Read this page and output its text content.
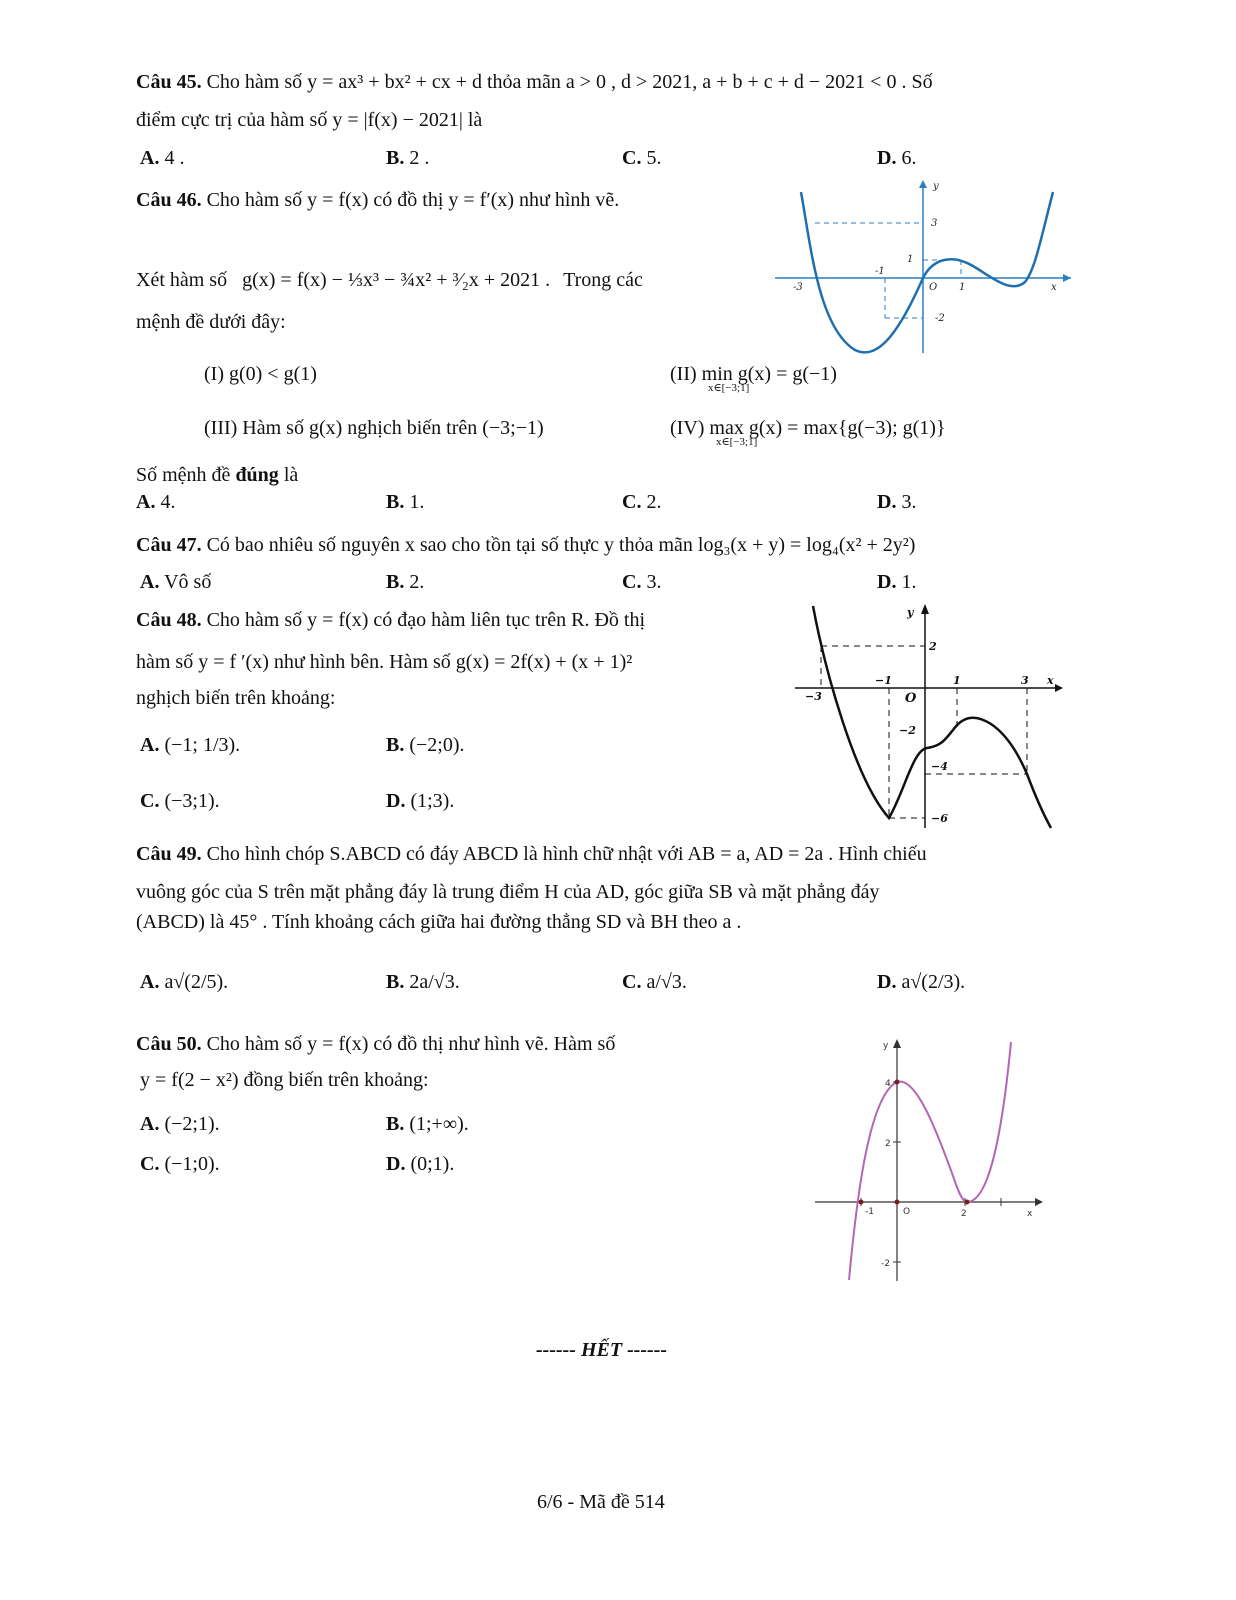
Câu 45. Cho hàm số y = ax³ + bx² + cx + d thỏa mãn a > 0 , d > 2021, a + b + c + d − 2021 < 0 . Số
điểm cực trị của hàm số y = |f(x) − 2021| là
A. 4 .	B. 2 .	C. 5.	D. 6.
Câu 46. Cho hàm số y = f(x) có đồ thị y = f′(x) như hình vẽ.
Xét hàm số g(x) = f(x) − ⅓x³ − ¾x² + ³⁄₂x + 2021 . Trong các
mệnh đề dưới đây:
(I) g(0) < g(1)	(II) min g(x) = g(−1)
x∈[−3;1]
(III) Hàm số g(x) nghịch biến trên (−3;−1)	(IV) max g(x) = max{g(−3); g(1)}
x∈[−3;1]
Số mệnh đề đúng là
A. 4.	B. 1.	C. 2.	D. 3.
y
x
3
1
-1
-3	O 1
-2
Câu 47. Có bao nhiêu số nguyên x sao cho tồn tại số thực y thỏa mãn log₃(x + y) = log₄(x² + 2y²)
A. Vô số	B. 2.	C. 3.	D. 1.
Câu 48. Cho hàm số y = f(x) có đạo hàm liên tục trên R. Đồ thị
hàm số y = f ′(x) như hình bên. Hàm số g(x) = 2f(x) + (x + 1)²
nghịch biến trên khoảng:
A. (−1; 1/3).	B. (−2;0).
C. (−3;1).	D. (1;3).
y
x
2
−1	1	3
−3	O
−2
−4
−6
Câu 49. Cho hình chóp S.ABCD có đáy ABCD là hình chữ nhật với AB = a, AD = 2a . Hình chiếu
vuông góc của S trên mặt phẳng đáy là trung điểm H của AD, góc giữa SB và mặt phẳng đáy
(ABCD) là 45° . Tính khoảng cách giữa hai đường thẳng SD và BH theo a .
A. a√(2/5).	B. 2a/√3.	C. a/√3.	D. a√(2/3).
Câu 50. Cho hàm số y = f(x) có đồ thị như hình vẽ. Hàm số
y = f(2 − x²) đồng biến trên khoảng:
A. (−2;1).	B. (1;+∞).
C. (−1;0).	D. (0;1).
y
x
4
2
-1	O	2
-2
------ HẾT ------
6/6 - Mã đề 514
